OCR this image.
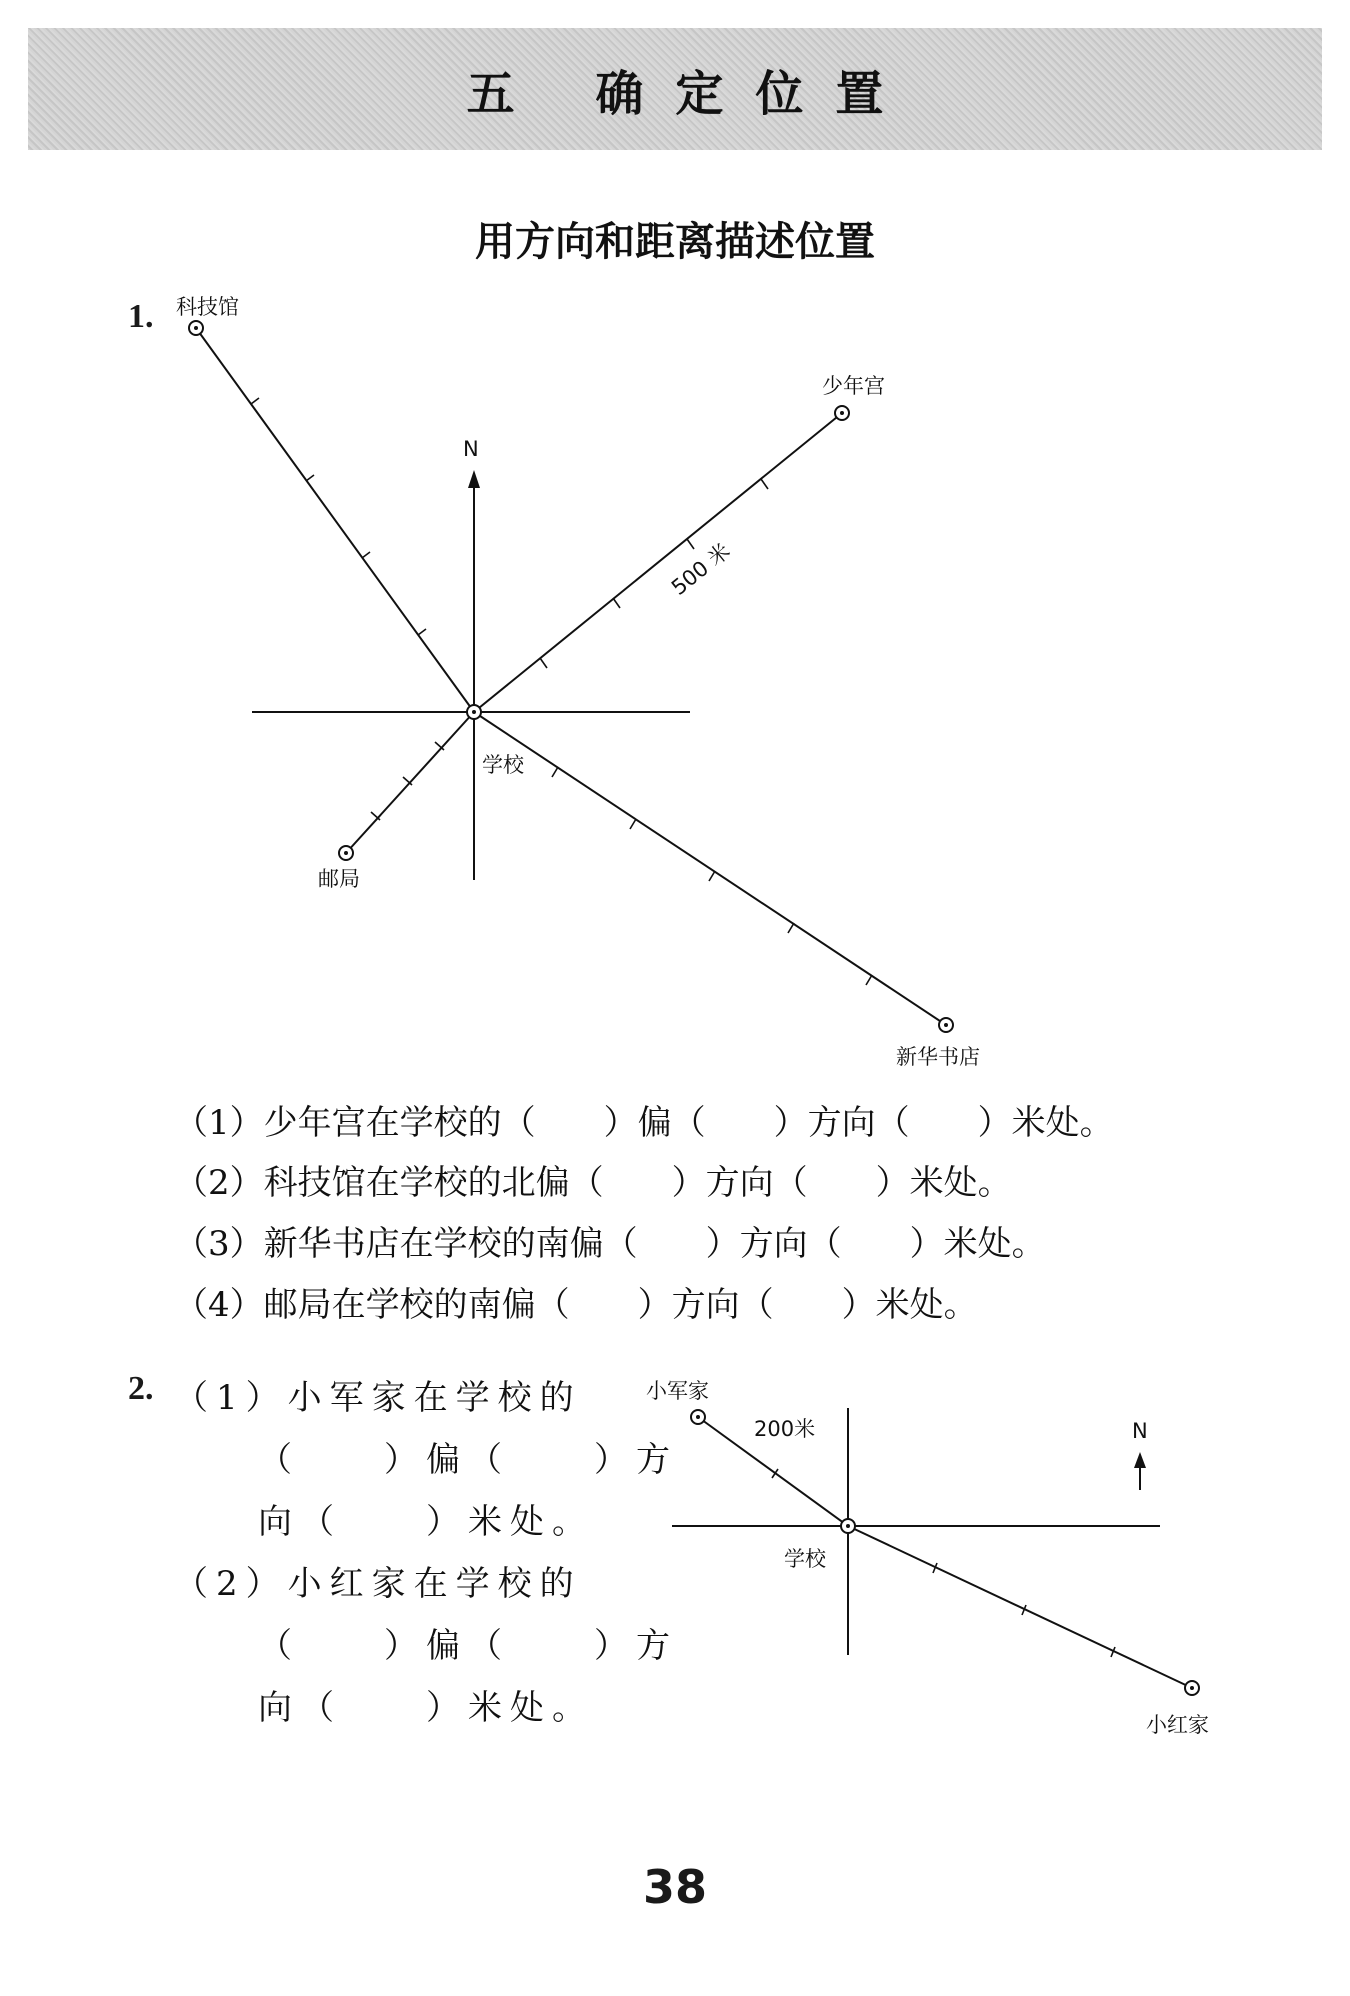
五 确定位置
用方向和距离描述位置
1.
N
科技馆
少年宫
新华书店
邮局
学校
500 米
N
小军家
200米
学校
小红家
（1）少年宫在学校的（　　）偏（　　）方向（　　）米处。
（2）科技馆在学校的北偏（　　）方向（　　）米处。
（3）新华书店在学校的南偏（　　）方向（　　）米处。
（4）邮局在学校的南偏（　　）方向（　　）米处。
2. （1）小军家在学校的
（　　）偏（　　）方
向（　　）米处。
（2）小红家在学校的
（　　）偏（　　）方
向（　　）米处。
38
